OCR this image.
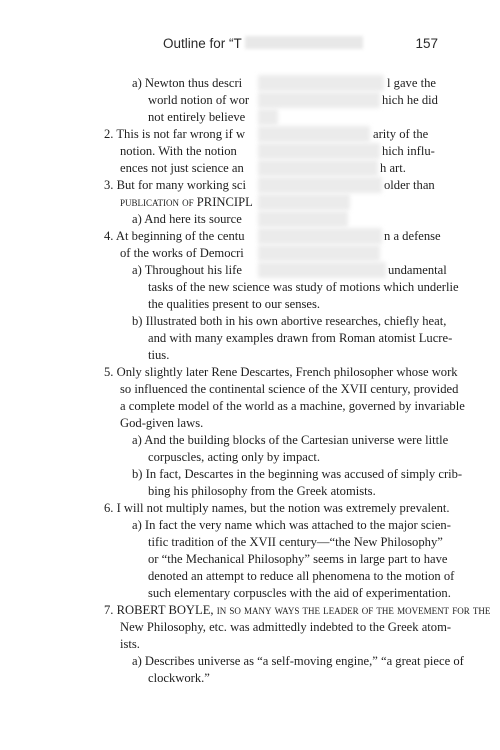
Outline for “T	157
a) Newton thus descri	l gave the
world notion of wor	hich he did
not entirely believe
2. This is not far wrong if w	arity of the
notion. With the notion	hich influ-
ences not just science an	h art.
3. But for many working sci	older than
publication of PRINCIPL
a) And here its source
4. At beginning of the centu	n a defense
of the works of Democri
a) Throughout his life	undamental
tasks of the new science was study of motions which underlie
the qualities present to our senses.
b) Illustrated both in his own abortive researches, chiefly heat,
and with many examples drawn from Roman atomist Lucre-
tius.
5. Only slightly later Rene Descartes, French philosopher whose work
so influenced the continental science of the XVII century, provided
a complete model of the world as a machine, governed by invariable
God-given laws.
a) And the building blocks of the Cartesian universe were little
corpuscles, acting only by impact.
b) In fact, Descartes in the beginning was accused of simply crib-
bing his philosophy from the Greek atomists.
6. I will not multiply names, but the notion was extremely prevalent.
a) In fact the very name which was attached to the major scien-
tific tradition of the XVII century—“the New Philosophy”
or “the Mechanical Philosophy” seems in large part to have
denoted an attempt to reduce all phenomena to the motion of
such elementary corpuscles with the aid of experimentation.
7. ROBERT BOYLE, in so many ways the leader of the movement for the
New Philosophy, etc. was admittedly indebted to the Greek atom-
ists.
a) Describes universe as “a self-moving engine,” “a great piece of
clockwork.”
